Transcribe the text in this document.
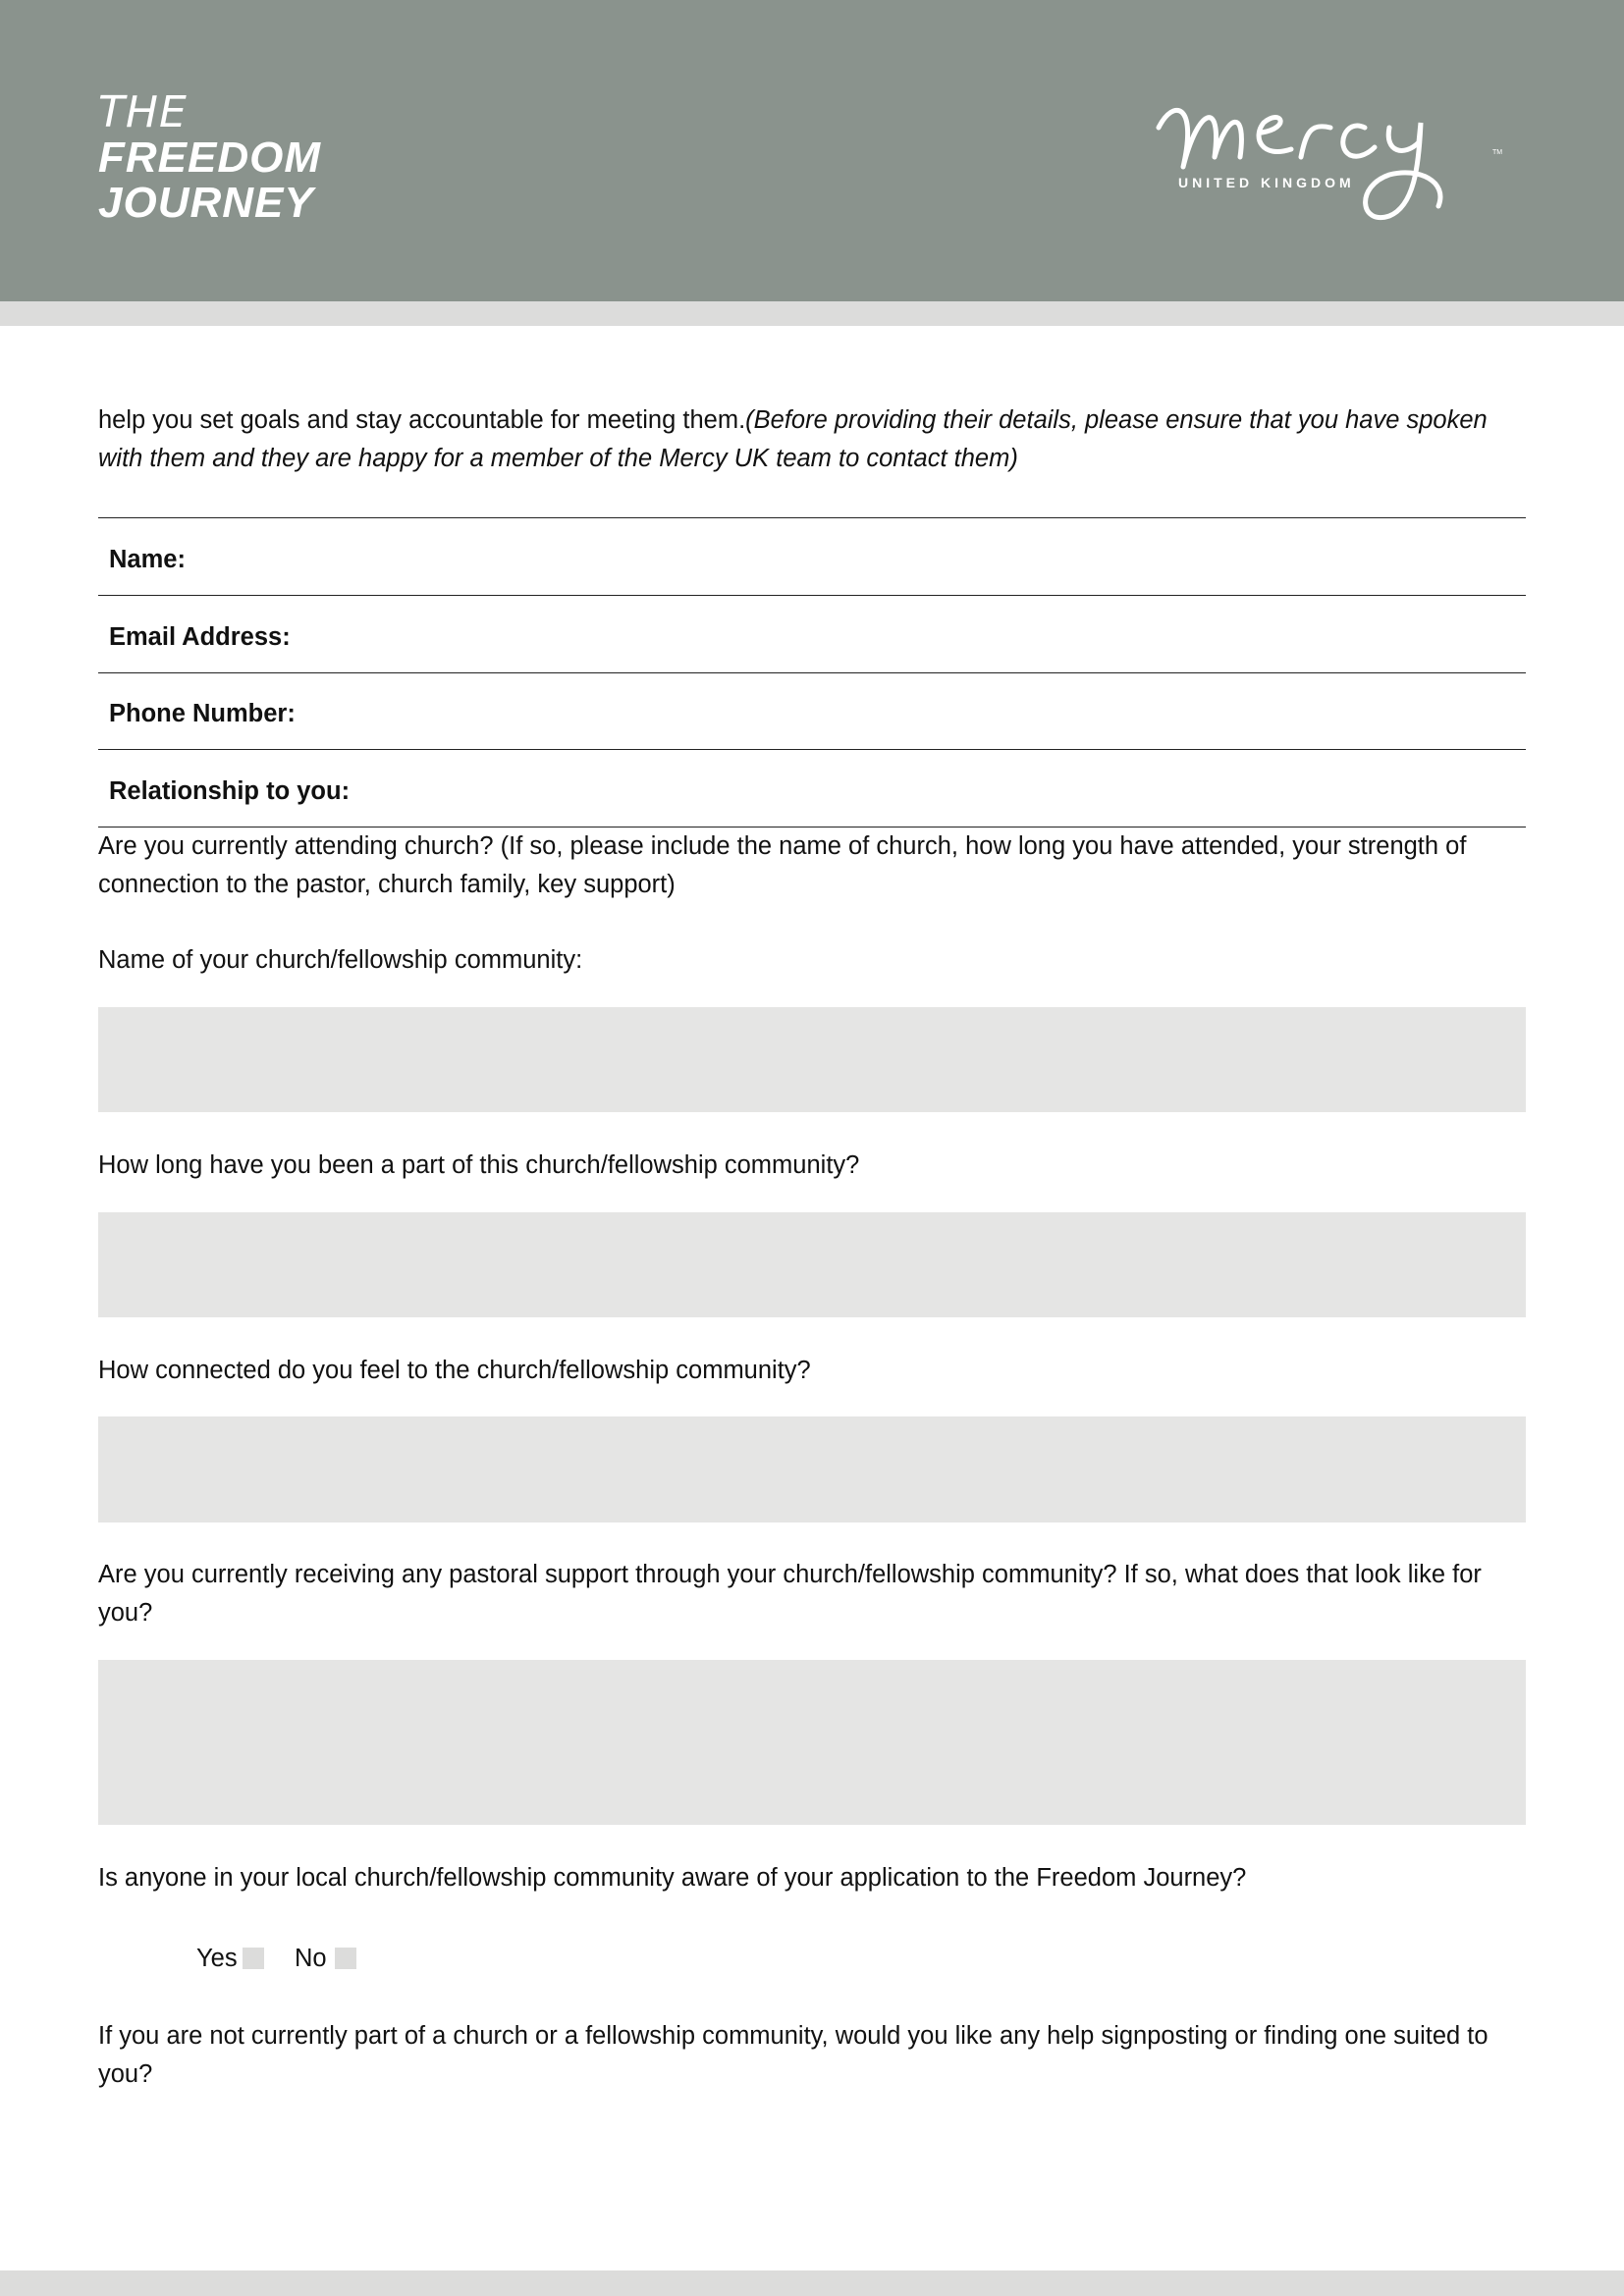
THE
FREEDOM
JOURNEY	UNITED KINGDOM
TM
help you set goals and stay accountable for meeting them.(Before providing their details, please ensure that you have spoken with them and they are happy for a member of the Mercy UK team to contact them)
Name:
Email Address:
Phone Number:
Relationship to you:
Are you currently attending church? (If so, please include the name of church, how long you have attended, your strength of connection to the pastor, church family, key support)
Name of your church/fellowship community:
How long have you been a part of this church/fellowship community?
How connected do you feel to the church/fellowship community?
Are you currently receiving any pastoral support through your church/fellowship community? If so, what does that look like for you?
Is anyone in your local church/fellowship community aware of your application to the Freedom Journey?
Yes No
If you are not currently part of a church or a fellowship community, would you like any help signposting or finding one suited to you?
